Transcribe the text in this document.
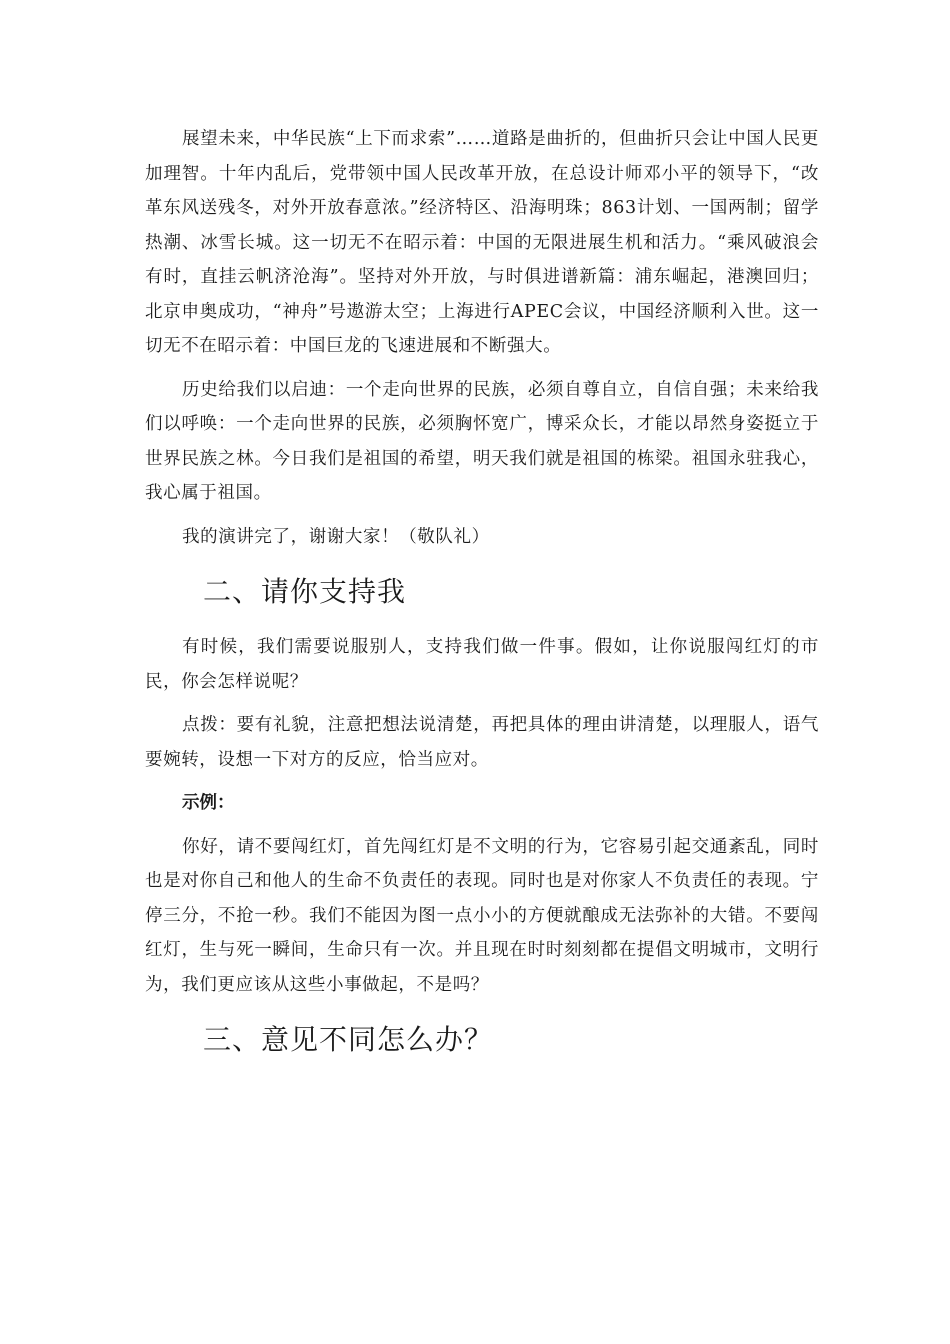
展望未来，中华民族“上下而求索”……道路是曲折的，但曲折只会让中国人民更加理智。十年内乱后，党带领中国人民改革开放，在总设计师邓小平的领导下，“改革东风送残冬，对外开放春意浓。”经济特区、沿海明珠；863计划、一国两制；留学热潮、冰雪长城。这一切无不在昭示着：中国的无限进展生机和活力。“乘风破浪会有时，直挂云帆济沧海”。坚持对外开放，与时俱进谱新篇：浦东崛起，港澳回归；北京申奥成功，“神舟”号遨游太空；上海进行APEC会议，中国经济顺利入世。这一切无不在昭示着：中国巨龙的飞速进展和不断强大。

历史给我们以启迪：一个走向世界的民族，必须自尊自立，自信自强；未来给我们以呼唤：一个走向世界的民族，必须胸怀宽广，博采众长，才能以昂然身姿挺立于世界民族之林。今日我们是祖国的希望，明天我们就是祖国的栋梁。祖国永驻我心，我心属于祖国。

我的演讲完了，谢谢大家！（敬队礼）

二、请你支持我

有时候，我们需要说服别人，支持我们做一件事。假如，让你说服闯红灯的市民，你会怎样说呢？

点拨：要有礼貌，注意把想法说清楚，再把具体的理由讲清楚，以理服人，语气要婉转，设想一下对方的反应，恰当应对。

示例：

你好，请不要闯红灯，首先闯红灯是不文明的行为，它容易引起交通紊乱，同时也是对你自己和他人的生命不负责任的表现。同时也是对你家人不负责任的表现。宁停三分，不抢一秒。我们不能因为图一点小小的方便就酿成无法弥补的大错。不要闯红灯，生与死一瞬间，生命只有一次。并且现在时时刻刻都在提倡文明城市，文明行为，我们更应该从这些小事做起，不是吗？

三、意见不同怎么办？
